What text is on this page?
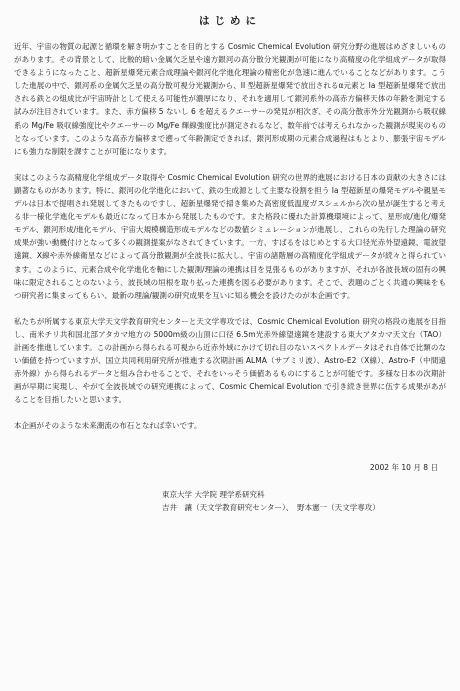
はじめに

近年、宇宙の物質の起源と循環を解き明かすことを目的とする Cosmic Chemical Evolution 研究分野の進展はめざましいものがあります。その背景として、比較的暗い金属欠乏星や遠方銀河の高分散分光観測が可能になり高精度の化学組成データが取得できるようになったこと、超新星爆発元素合成理論や銀河化学進化理論の精密化が急速に進んでいることなどがあります。こうした進展の中で、銀河系の金属欠乏星の高分散可視分光観測から、II 型超新星爆発で放出されるα元素と Ia 型超新星爆発で放出される鉄との組成比が宇宙時計として使える可能性が濃厚になり、それを適用して銀河系外の高赤方偏移天体の年齢を測定する試みが注目されています。また、赤方偏移 5 ないし 6 を超えるクエーサーの発見が相次ぎ、その高分散赤外分光観測から吸収線系の Mg/Fe 吸収線強度比やクエーサーの Mg/Fe 輝線強度比が測定されるなど、数年前では考えられなかった観測が現実のものとなっています。このような高赤方偏移まで遡って年齢測定できれば、銀河形成期の元素合成過程はもとより、膨張宇宙モデルにも強力な制限を課すことが可能になります。

実はこのような高精度化学組成データ取得や Cosmic Chemical Evolution 研究の世界的進展における日本の貢献の大きさには顕著なものがあります。特に、銀河の化学進化において、鉄の生成源として主要な役割を担う Ia 型超新星の爆発モデルや親星モデルは日本で提唱され発展してきたものですし、超新星爆発で掃き集めた高密度低温度ガスシェルから次の星が誕生すると考える非一様化学進化モデルも最近になって日本から発展したものです。また格段に優れた計算機環境によって、星形成/進化/爆発モデル、銀河形成/進化モデル、宇宙大規模構造形成モデルなどの数値シミュレーションが進展し、これらの先行した理論の研究成果が強い動機付けとなって多くの観測提案がなされてきています。一方、すばるをはじめとする大口径光赤外望遠鏡、電波望遠鏡、X線や赤外線衛星などによって高分散観測が全波長に拡大し、宇宙の諸階層の高精度化学組成データが続々と得られています。このように、元素合成や化学進化を軸にした観測/理論の連携は目を見張るものがありますが、それが各波長域の固有の興味に限定されることのないよう、波長域の垣根を取り払った連携を図る必要があります。そこで、表題のごとく共通の興味をもつ研究者に集まってもらい、最新の理論/観測の研究成果を互いに知る機会を設けたのが本企画です。

私たちが所属する東京大学天文学教育研究センターと天文学専攻では、Cosmic Chemical Evolution 研究の格段の進展を目指し、南米チリ共和国北部アタカマ地方の 5000m級の山頂に口径 6.5m光赤外線望遠鏡を建設する東大アタカマ天文台（TAO）計画を推進しています。この計画から得られる可視から近赤外域にかけて切れ目のないスペクトルデータはそれ自体で比類のない価値を持つていますが、国立共同利用研究所が推進する次期計画 ALMA（サブミリ波）、Astro-E2（X線）、Astro-F（中間遠赤外線）から得られるデータと組み合わせることで、それをいっそう価値あるものにすることが可能です。多様な日本の次期計画が早期に実現し、やがて全波長域での研究連携によって、Cosmic Chemical Evolution で引き続き世界に伍する成果があがることを目指したいと思います。

本企画がそのような未来潮流の布石となれば幸いです。

2002 年 10 月 8 日
東京大学 大学院 理学系研究科
吉井　讓（天文学教育研究センター）、　野本憲一（天文学専攻）
